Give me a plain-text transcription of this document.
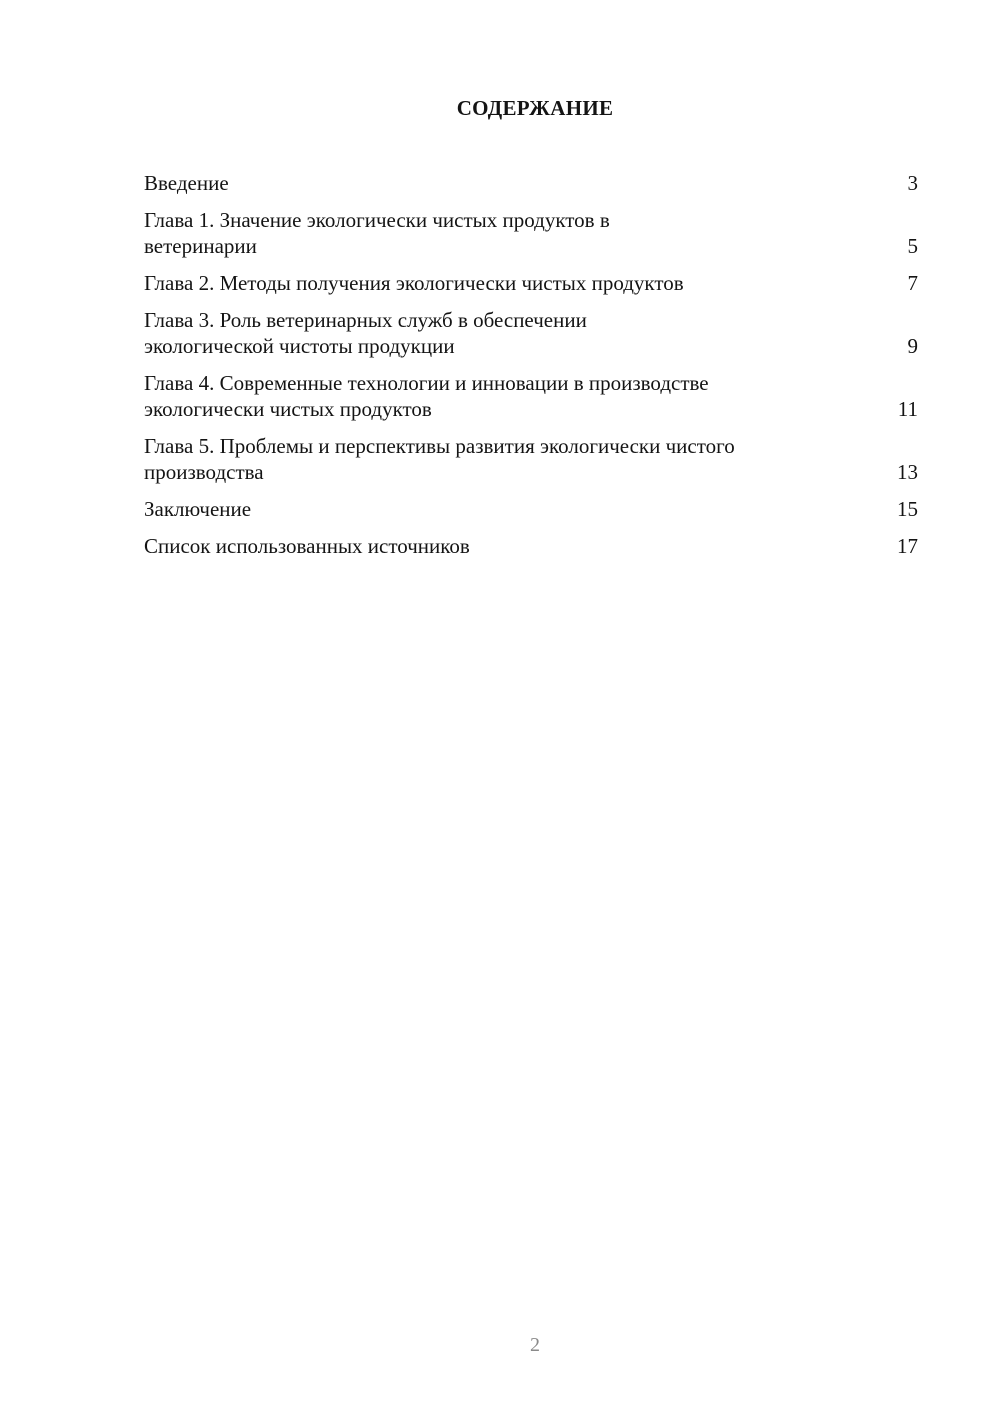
СОДЕРЖАНИЕ
Введение	3
Глава 1. Значение экологически чистых продуктов в ветеринарии	5
Глава 2. Методы получения экологически чистых продуктов	7
Глава 3. Роль ветеринарных служб в обеспечении экологической чистоты продукции	9
Глава 4. Современные технологии и инновации в производстве экологически чистых продуктов	11
Глава 5. Проблемы и перспективы развития экологически чистого производства	13
Заключение	15
Список использованных источников	17
2
